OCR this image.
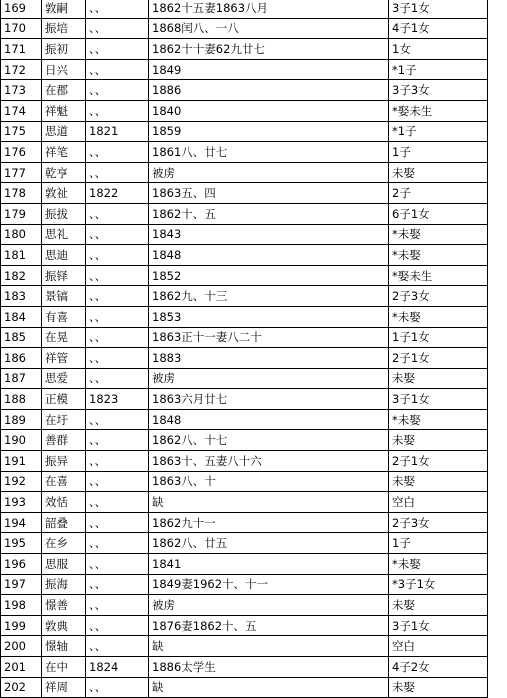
169	敦嗣	、、	1862十五妻1863八月	3子1女
170	振培	、、	1868闰八、一八	4子1女
171	振初	、、	1862十十妻62九廿七	1女
172	日兴	、、	1849	*1子
173	在郡	、、	1886	3子3女
174	祥魁	、、	1840	*娶未生
175	思道	1821	1859	*1子
176	祥笔	、、	1861八、廿七	1子
177	乾亨	、、	被虏	未娶
178	敦祉	1822	1863五、四	2子
179	振拔	、、	1862十、五	6子1女
180	思礼	、、	1843	*未娶
181	思迪	、、	1848	*未娶
182	振铎	、、	1852	*娶未生
183	景镐	、、	1862九、十三	2子3女
184	有喜	、、	1853	*未娶
185	在晃	、、	1863正十一妻八二十	1子1女
186	祥管	、、	1883	2子1女
187	思爱	、、	被虏	未娶
188	正模	1823	1863六月廿七	3子1女
189	在圩	、、	1848	*未娶
190	善群	、、	1862八、十七	未娶
191	振异	、、	1863十、五妻八十六	2子1女
192	在喜	、、	1863八、十	未娶
193	效恬	、、	缺	空白
194	韶叠	、、	1862九十一	2子3女
195	在乡	、、	1862八、廿五	1子
196	思服	、、	1841	*未娶
197	振海	、、	1849妻1962十、十一	*3子1女
198	憬善	、、	被虏	未娶
199	敦典	、、	1876妻1862十、五	3子1女
200	憬轴	、、	缺	空白
201	在中	1824	1886太学生	4子2女
202	祥周	、、	缺	未娶
